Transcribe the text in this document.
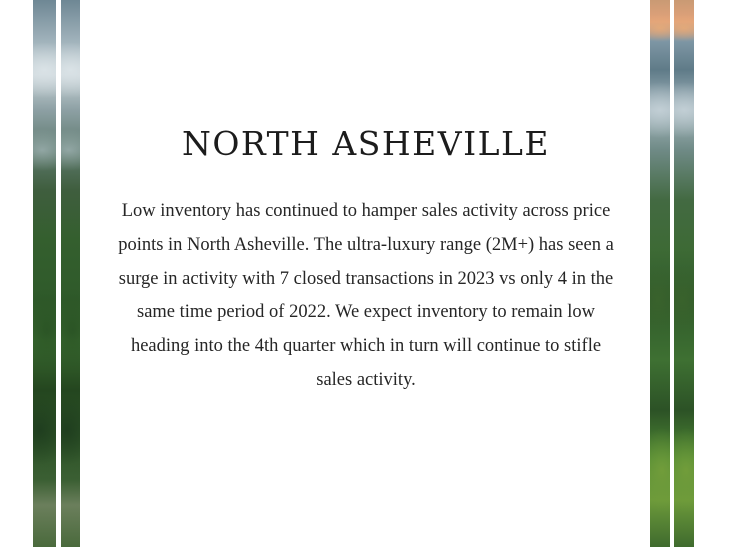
NORTH ASHEVILLE

Low inventory has continued to hamper sales activity across price points in North Asheville. The ultra-luxury range (2M+) has seen a surge in activity with 7 closed transactions in 2023 vs only 4 in the same time period of 2022. We expect inventory to remain low heading into the 4th quarter which in turn will continue to stifle sales activity.
